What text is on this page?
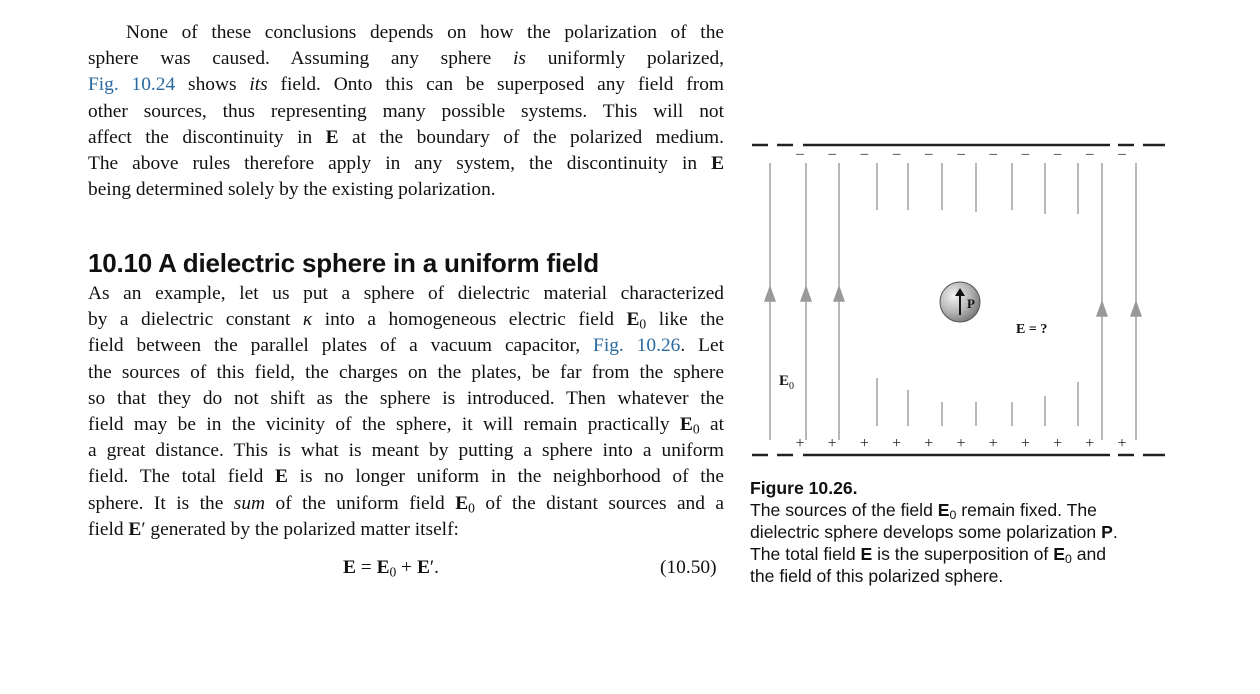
None of these conclusions depends on how the polarization of the
sphere was caused. Assuming any sphere is uniformly polarized,
Fig. 10.24 shows its field. Onto this can be superposed any field from
other sources, thus representing many possible systems. This will not
affect the discontinuity in E at the boundary of the polarized medium.
The above rules therefore apply in any system, the discontinuity in E
being determined solely by the existing polarization.
10.10 A dielectric sphere in a uniform field
As an example, let us put a sphere of dielectric material characterized
by a dielectric constant κ into a homogeneous electric field $E_0$ like the
field between the parallel plates of a vacuum capacitor, Fig. 10.26. Let
the sources of this field, the charges on the plates, be far from the sphere
so that they do not shift as the sphere is introduced. Then whatever the
field may be in the vicinity of the sphere, it will remain practically $E_0$ at
a great distance. This is what is meant by putting a sphere into a uniform
field. The total field E is no longer uniform in the neighborhood of the
sphere. It is the sum of the uniform field $E_0$ of the distant sources and a
field E′ generated by the polarized matter itself:
$E = E_0 + E'$.	(10.50)
–
+
–
+
–
+
–
+
–
+
–
+
–
+
–
+
–
+
–
+
–
+
$E_0$
P
E = ?
Figure 10.26.
The sources of the field $E_0$ remain fixed. The
dielectric sphere develops some polarization P.
The total field E is the superposition of $E_0$ and
the field of this polarized sphere.
